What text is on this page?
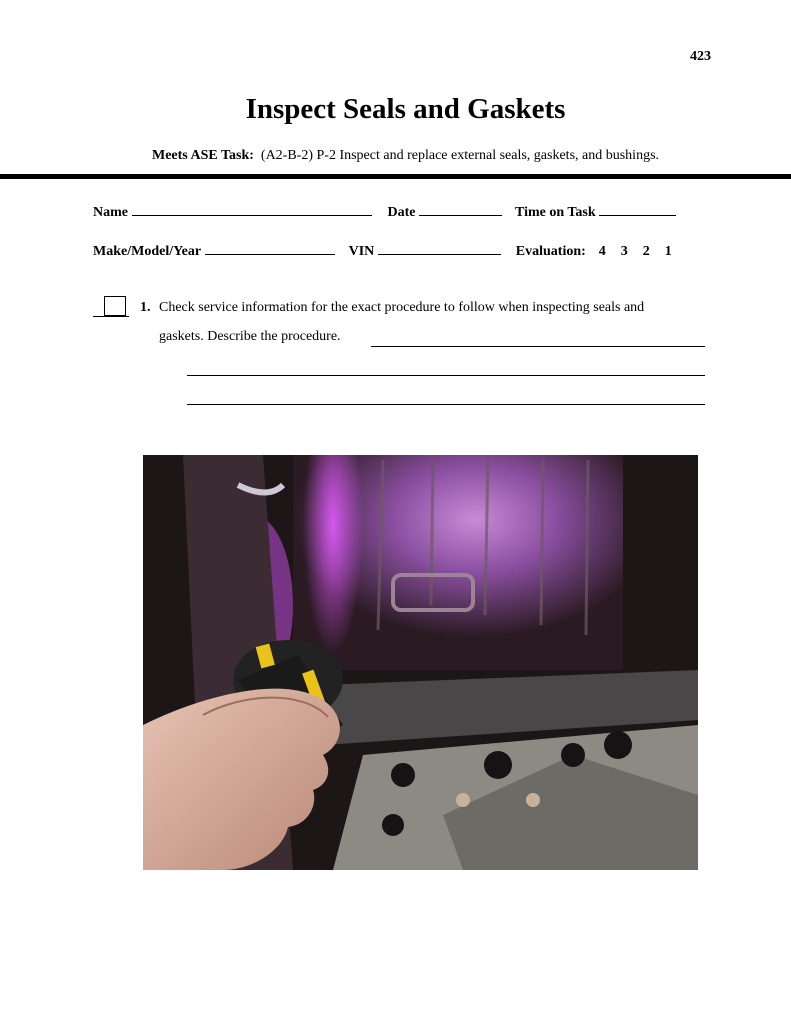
423
Inspect Seals and Gaskets
Meets ASE Task: (A2-B-2) P-2 Inspect and replace external seals, gaskets, and bushings.
Name	Date	Time on Task
Make/Model/Year	VIN	Evaluation: 4 3 2 1
1. Check service information for the exact procedure to follow when inspecting seals and
gaskets. Describe the procedure.
